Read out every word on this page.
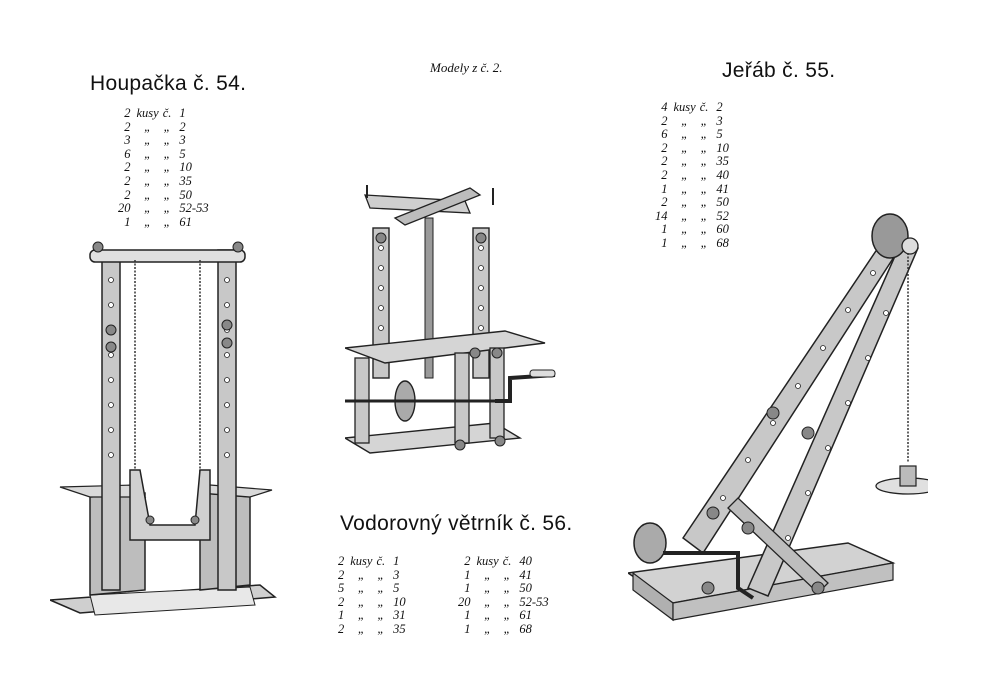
Modely z č. 2.
Houpačka č. 54.
Jeřáb č. 55.
Vodorovný větrník č. 56.
2	kusy	č.	1
2	„	„	2
3	„	„	3
6	„	„	5
2	„	„	10
2	„	„	35
2	„	„	50
20	„	„	52-53
1	„	„	61
4	kusy	č.	2
2	„	„	3
6	„	„	5
2	„	„	10
2	„	„	35
2	„	„	40
1	„	„	41
2	„	„	50
14	„	„	52
1	„	„	60
1	„	„	68
2	kusy	č.	1
2	„	„	3
5	„	„	5
2	„	„	10
1	„	„	31
2	„	„	35
2	kusy	č.	40
1	„	„	41
1	„	„	50
20	„	„	52-53
1	„	„	61
1	„	„	68
